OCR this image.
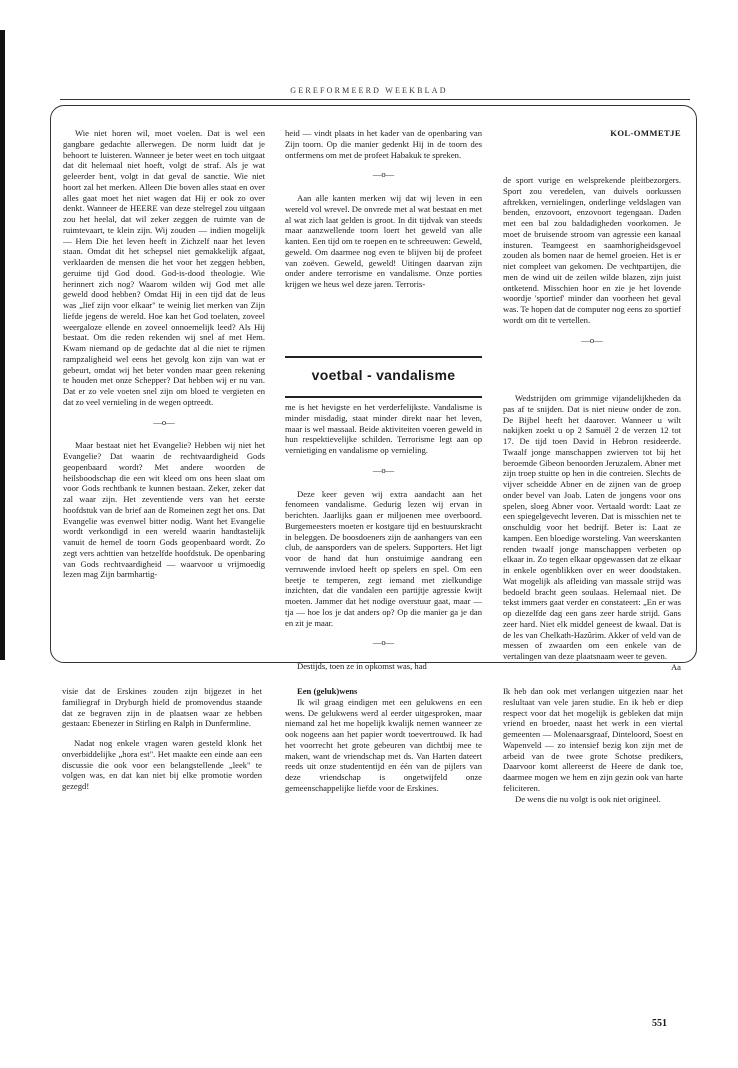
GEREFORMEERD WEEKBLAD

Wie niet horen wil, moet voelen. Dat is wel een gangbare gedachte allerwegen. De norm luidt dat je behoort te luisteren. Wanneer je beter weet en toch uitgaat dat dit helemaal niet hoeft, volgt de straf. Als je wat geleerder bent, volgt in dat geval de sanctie. Wie niet hoort zal het merken. Alleen Die boven alles staat en over alles gaat moet het niet wagen dat Hij er ook zo over denkt. Wanneer de HEERE van deze stelregel zou uitgaan zou het heelal, dat wil zeker zeggen de ruimte van de ruimtevaart, te klein zijn. Wij zouden — indien mogelijk — Hem Die het leven heeft in Zichzelf naar het leven staan. Omdat dit het schepsel niet gemakkelijk afgaat, verklaarden de mensen die het voor het zeggen hebben, geruime tijd God dood. God-is-dood theologie. Wie herinnert zich nog? Waarom wilden wij God met alle geweld dood hebben? Omdat Hij in een tijd dat de leus was „lief zijn voor elkaar" te weinig liet merken van Zijn liefde jegens de wereld. Hoe kan het God toelaten, zoveel weergaloze ellende en zoveel onnoemelijk leed? Als Hij bestaat. Om die reden rekenden wij snel af met Hem. Kwam niemand op de gedachte dat al die niet te rijmen rampzaligheid wel eens het gevolg kon zijn van wat er gebeurt, omdat wij het beter vonden maar geen rekening te houden met onze Schepper? Dat hebben wij er nu van. Dat er zo vele voeten snel zijn om bloed te vergieten en dat zo veel vernieling in de wegen optreedt.

—o—

Maar bestaat niet het Evangelie? Hebben wij niet het Evangelie? Dat waarin de rechtvaardigheid Gods geopenbaard wordt? Met andere woorden de heilsboodschap die een wit kleed om ons heen slaat om voor Gods rechtbank te kunnen bestaan. Zeker, zeker dat zal waar zijn. Het zeventiende vers van het eerste hoofdstuk van de brief aan de Romeinen zegt het ons. Dat Evangelie was evenwel bitter nodig. Want het Evangelie wordt verkondigd in een wereld waarin handtastelijk vanuit de hemel de toorn Gods geopenbaard wordt. Zo zegt vers achttien van hetzelfde hoofdstuk. De openbaring van Gods rechtvaardigheid — waarvoor u vrijmoedig lezen mag Zijn barmhartig-

heid — vindt plaats in het kader van de openbaring van Zijn toorn. Op die manier gedenkt Hij in de toorn des ontfermens om met de profeet Habakuk te spreken.

—o—

Aan alle kanten merken wij dat wij leven in een wereld vol wrevel. De onvrede met al wat bestaat en met al wat zich laat gelden is groot. In dit tijdvak van steeds maar aanzwellende toorn loert het geweld van alle kanten. Een tijd om te roepen en te schreeuwen: Geweld, geweld. Om daarmee nog even te blijven bij de profeet van zoëven. Geweld, geweld! Uitingen daarvan zijn onder andere terrorisme en vandalisme. Onze porties krijgen we heus wel deze jaren. Terroris-

voetbal - vandalisme

me is het hevigste en het verderfelijkste. Vandalisme is minder misdadig, staat minder direkt naar het leven, maar is wel massaal. Beide aktiviteiten voeren geweld in hun respektievelijke schilden. Terrorisme legt aan op vernietiging en vandalisme op vernieling.

—o—

Deze keer geven wij extra aandacht aan het fenomeen vandalisme. Gedurig lezen wij ervan in berichten. Jaarlijks gaan er miljoenen mee overboord. Burgemeesters moeten er kostgare tijd en bestuurskracht in beleggen. De boosdoeners zijn de aanhangers van een club, de aansporders van de spelers. Supporters. Het ligt voor de hand dat hun onstuimige aandrang een verruwende invloed heeft op spelers en spel. Om een beetje te temperen, zegt iemand met zielkundige inzichten, dat die vandalen een partijtje agressie kwijt moeten. Jammer dat het nodige overstuur gaat, maar — tja — hoe los je dat anders op? Op die manier ga je dan en zit je maar.

—o—

Destijds, toen ze in opkomst was, had

KOL-OMMETJE

de sport vurige en welsprekende pleitbezorgers. Sport zou veredelen, van duivels oorkussen aftrekken, vernielingen, onderlinge veldslagen van benden, enzovoort, enzovoort tegengaan. Daden met een bal zou baldadigheden voorkomen. Je moet de bruisende stroom van agressie een kanaal insturen. Teamgeest en saamhorigheidsgevoel zouden als bomen naar de hemel groeien. Het is er niet compleet van gekomen. De vechtpartijen, die men de wind uit de zeilen wilde blazen, zijn juist ontketend. Misschien hoor en zie je het lovende woordje 'sportief' minder dan voorheen het geval was. Te hopen dat de computer nog eens zo sportief wordt om dit te vertellen.

—o—

Wedstrijden om grimmige vijandelijkheden da pas af te snijden. Dat is niet nieuw onder de zon. De Bijbel heeft het daarover. Wanneer u wilt nakijken zoekt u op 2 Samuël 2 de verzen 12 tot 17. De tijd toen David in Hebron resideerde. Twaalf jonge manschappen zwierven tot bij het beroemde Gibeon benoorden Jeruzalem. Abner met zijn troep stuitte op hen in die contreien. Slechts de vijver scheidde Abner en de zijnen van de groep onder bevel van Joab. Laten de jongens voor ons spelen, sloeg Abner voor. Vertaald wordt: Laat ze een spiegelgevecht leveren. Dat is misschien net te onschuldig voor het bedrijf. Beter is: Laat ze kampen. Een bloedige worsteling. Van weerskanten renden twaalf jonge manschappen verbeten op elkaar in. Zo tegen elkaar opgewassen dat ze elkaar in enkele ogenblikken over en weer doodstaken. Wat mogelijk als afleiding van massale strijd was bedoeld bracht geen soulaas. Helemaal niet. De tekst immers gaat verder en constateert: „En er was op diezelfde dag een gans zeer harde strijd. Gans zeer hard. Niet elk middel geneest de kwaal. Dat is de les van Chelkath-Hazûrim. Akker of veld van de messen of zwaarden om een enkele van de vertalingen van deze plaatsnaam weer te geven.
Aa

visie dat de Erskines zouden zijn bijgezet in het familiegraf in Dryburgh hield de promovendus staande dat ze begraven zijn in de plaatsen waar ze hebben gestaan: Ebenezer in Stirling en Ralph in Dunfermline.

Nadat nog enkele vragen waren gesteld klonk het onverbiddelijke „hora est". Het maakte een einde aan een discussie die ook voor een belangstellende „leek" te volgen was, en dat kan niet bij elke promotie worden gezegd!

Een (geluk)wens

Ik wil graag eindigen met een gelukwens en een wens. De gelukwens werd al eerder uitgesproken, maar niemand zal het me hopelijk kwalijk nemen wanneer ze ook nogeens aan het papier wordt toevertrouwd. Ik had het voorrecht het grote gebeuren van dichtbij mee te maken, want de vriendschap met ds. Van Harten dateert reeds uit onze studententijd en één van de pijlers van deze vriendschap is ongetwijfeld onze gemeenschappelijke liefde voor de Erskines.

Ik heb dan ook met verlangen uitgezien naar het reslultaat van vele jaren studie. En ik heb er diep respect voor dat het mogelijk is gebleken dat mijn vriend en broeder, naast het werk in een viertal gemeenten — Molenaarsgraaf, Dinteloord, Soest en Wapenveld — zo intensief bezig kon zijn met de arbeid van de twee grote Schotse predikers, Daarvoor komt allereerst de Heere de dank toe, daarmee mogen we hem en zijn gezin ook van harte feliciteren.

De wens die nu volgt is ook niet origineel.

551
